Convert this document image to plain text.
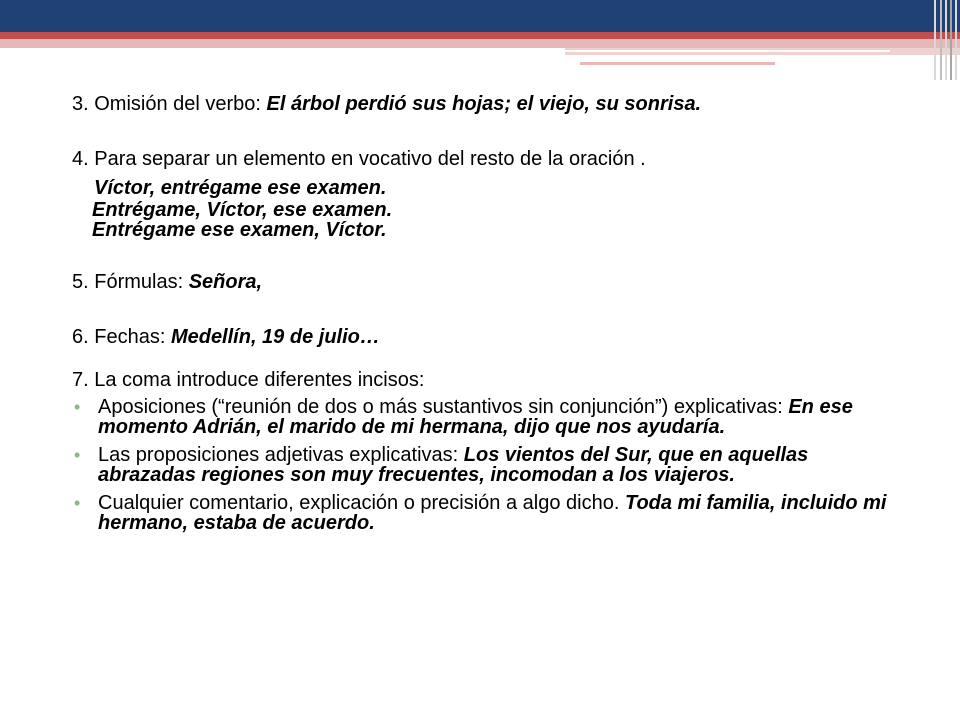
3. Omisión del verbo: El árbol perdió sus hojas; el viejo, su sonrisa.

4. Para separar un elemento en vocativo del resto de la oración .

Víctor, entrégame ese examen.
Entrégame, Víctor, ese examen.
Entrégame ese examen, Víctor.

5. Fórmulas: Señora,

6. Fechas: Medellín, 19 de julio…

7. La coma introduce diferentes incisos:

• Aposiciones (“reunión de dos o más sustantivos sin conjunción”) explicativas: En ese momento Adrián, el marido de mi hermana, dijo que nos ayudaría.
• Las proposiciones adjetivas explicativas: Los vientos del Sur, que en aquellas abrazadas regiones son muy frecuentes, incomodan a los viajeros.
• Cualquier comentario, explicación o precisión a algo dicho. Toda mi familia, incluido mi hermano, estaba de acuerdo.
